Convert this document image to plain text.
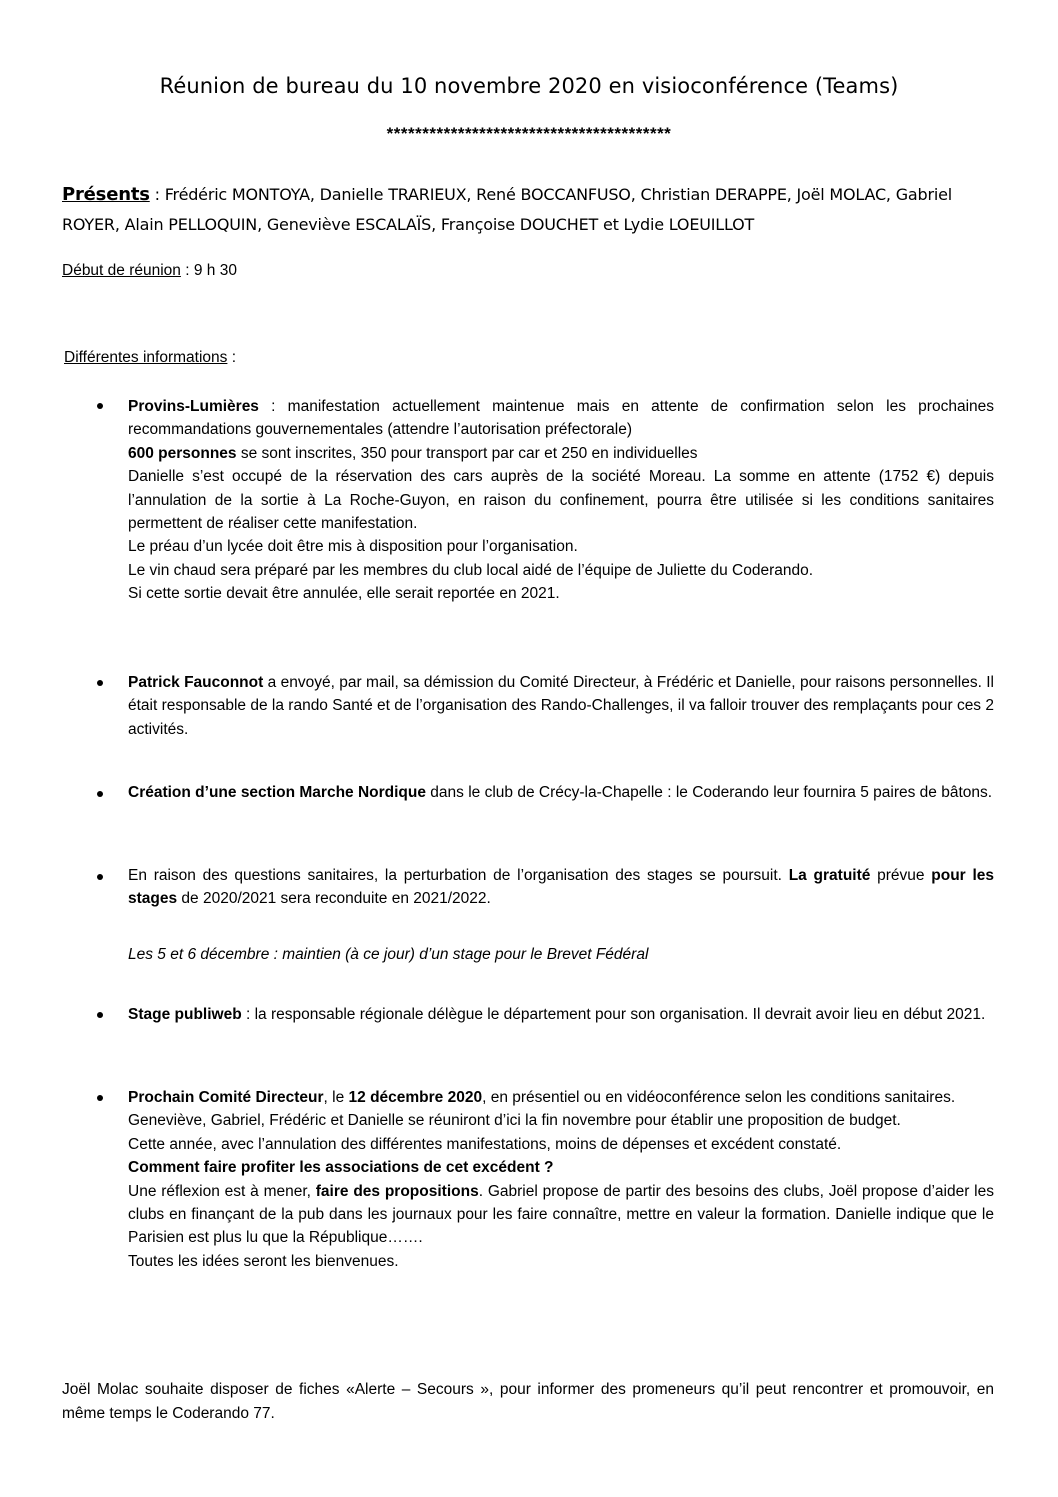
Réunion de bureau du 10 novembre 2020 en visioconférence (Teams)
****************************************
Présents : Frédéric MONTOYA, Danielle TRARIEUX, René BOCCANFUSO, Christian DERAPPE, Joël MOLAC, Gabriel ROYER, Alain PELLOQUIN, Geneviève ESCALAÏS, Françoise DOUCHET et Lydie LOEUILLOT
Début de réunion : 9 h 30
Différentes informations :

Provins-Lumières : manifestation actuellement maintenue mais en attente de confirmation selon les prochaines recommandations gouvernementales (attendre l’autorisation préfectorale)

600 personnes se sont inscrites, 350 pour transport par car et 250 en individuelles

Danielle s’est occupé de la réservation des cars auprès de la société Moreau. La somme en attente (1752 €) depuis l’annulation de la sortie à La Roche-Guyon, en raison du confinement, pourra être utilisée si les conditions sanitaires permettent de réaliser cette manifestation.

Le préau d’un lycée doit être mis à disposition pour l’organisation.

Le vin chaud sera préparé par les membres du club local aidé de l’équipe de Juliette du Coderando.

Si cette sortie devait être annulée, elle serait reportée en 2021.

Patrick Fauconnot a envoyé, par mail, sa démission du Comité Directeur, à Frédéric et Danielle, pour raisons personnelles. Il était responsable de la rando Santé et de l’organisation des Rando-Challenges, il va falloir trouver des remplaçants pour ces 2 activités.

Création d’une section Marche Nordique dans le club de Crécy-la-Chapelle : le Coderando leur fournira 5 paires de bâtons.

En raison des questions sanitaires, la perturbation de l’organisation des stages se poursuit. La gratuité prévue pour les stages de 2020/2021 sera reconduite en 2021/2022.

Les 5 et 6 décembre : maintien (à ce jour) d’un stage pour le Brevet Fédéral

Stage publiweb : la responsable régionale délègue le département pour son organisation. Il devrait avoir lieu en début 2021.

Prochain Comité Directeur, le 12 décembre 2020, en présentiel ou en vidéoconférence selon les conditions sanitaires.

Geneviève, Gabriel, Frédéric et Danielle se réuniront d’ici la fin novembre pour établir une proposition de budget.

Cette année, avec l’annulation des différentes manifestations, moins de dépenses et excédent constaté.

Comment faire profiter les associations de cet excédent ?

Une réflexion est à mener, faire des propositions. Gabriel propose de partir des besoins des clubs, Joël propose d’aider les clubs en finançant de la pub dans les journaux pour les faire connaître, mettre en valeur la formation. Danielle indique que le Parisien est plus lu que la République…….

Toutes les idées seront les bienvenues.

Joël Molac souhaite disposer de fiches «Alerte – Secours », pour informer des promeneurs qu’il peut rencontrer et promouvoir, en même temps le Coderando 77.
